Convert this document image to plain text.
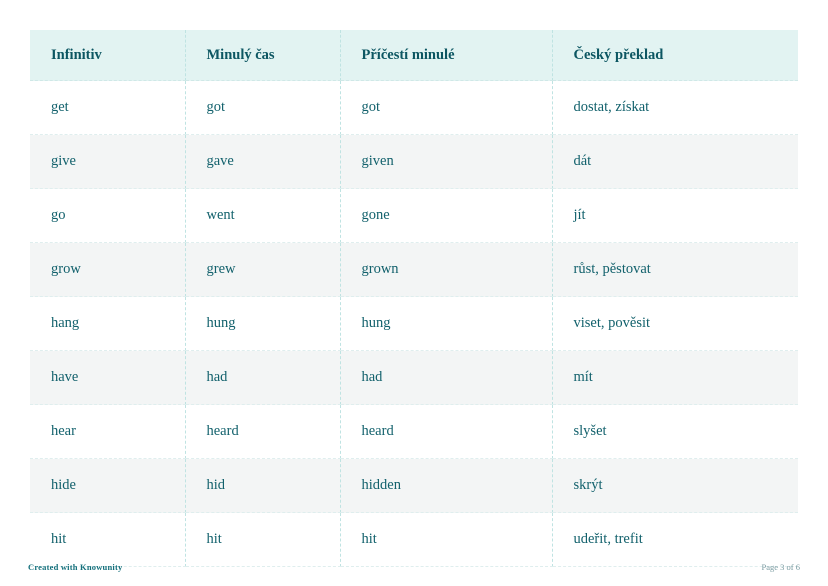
Infinitiv	Minulý čas	Příčestí minulé	Český překlad
get	got	got	dostat, získat
give	gave	given	dát
go	went	gone	jít
grow	grew	grown	růst, pěstovat
hang	hung	hung	viset, pověsit
have	had	had	mít
hear	heard	heard	slyšet
hide	hid	hidden	skrýt
hit	hit	hit	udeřit, trefit
Created with Knowunity	Page 3 of 6
